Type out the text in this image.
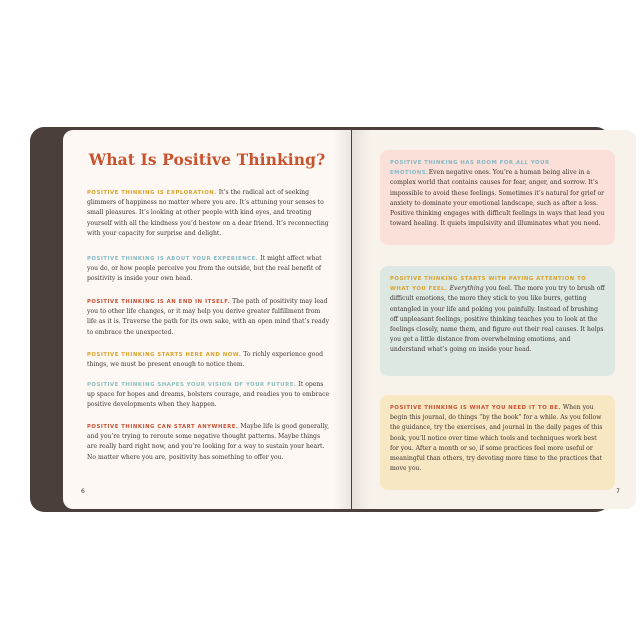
What Is Positive Thinking?

POSITIVE THINKING IS EXPLORATION. It’s the radical act of seeking glimmers of happiness no matter where you are. It’s attuning your senses to small pleasures. It’s looking at other people with kind eyes, and treating yourself with all the kindness you’d bestow on a dear friend. It’s reconnecting with your capacity for surprise and delight.

POSITIVE THINKING IS ABOUT YOUR EXPERIENCE. It might affect what you do, or how people perceive you from the outside, but the real benefit of positivity is inside your own head.

POSITIVE THINKING IS AN END IN ITSELF. The path of positivity may lead you to other life changes, or it may help you derive greater fulfillment from life as it is. Traverse the path for its own sake, with an open mind that’s ready to embrace the unexpected.

POSITIVE THINKING STARTS HERE AND NOW. To richly experience good things, we must be present enough to notice them.

POSITIVE THINKING SHAPES YOUR VISION OF YOUR FUTURE. It opens up space for hopes and dreams, bolsters courage, and readies you to embrace positive developments when they happen.

POSITIVE THINKING CAN START ANYWHERE. Maybe life is good generally, and you’re trying to reroute some negative thought patterns. Maybe things are really hard right now, and you’re looking for a way to sustain your heart. No matter where you are, positivity has something to offer you.

6

POSITIVE THINKING HAS ROOM FOR ALL YOUR EMOTIONS.Even negative ones. You’re a human being alive in a complex world that contains causes for fear, anger, and sorrow. It’s impossible to avoid these feelings. Sometimes it’s natural for grief or anxiety to dominate your emotional landscape, such as after a loss. Positive thinking engages with difficult feelings in ways that lead you toward healing. It quiets impulsivity and illuminates what you need.

POSITIVE THINKING STARTS WITH PAYING ATTENTION TO WHAT YOU FEEL. Everything you feel. The more you try to brush off difficult emotions, the more they stick to you like burrs, getting entangled in your life and poking you painfully. Instead of brushing off unpleasant feelings, positive thinking teaches you to look at the feelings closely, name them, and figure out their real causes. It helps you get a little distance from overwhelming emotions, and understand what’s going on inside your head.

POSITIVE THINKING IS WHAT YOU NEED IT TO BE. When you begin this journal, do things “by the book” for a while. As you follow the guidance, try the exercises, and journal in the daily pages of this book, you’ll notice over time which tools and techniques work best for you. After a month or so, if some practices feel more useful or meaningful than others, try devoting more time to the practices that move you.

7
